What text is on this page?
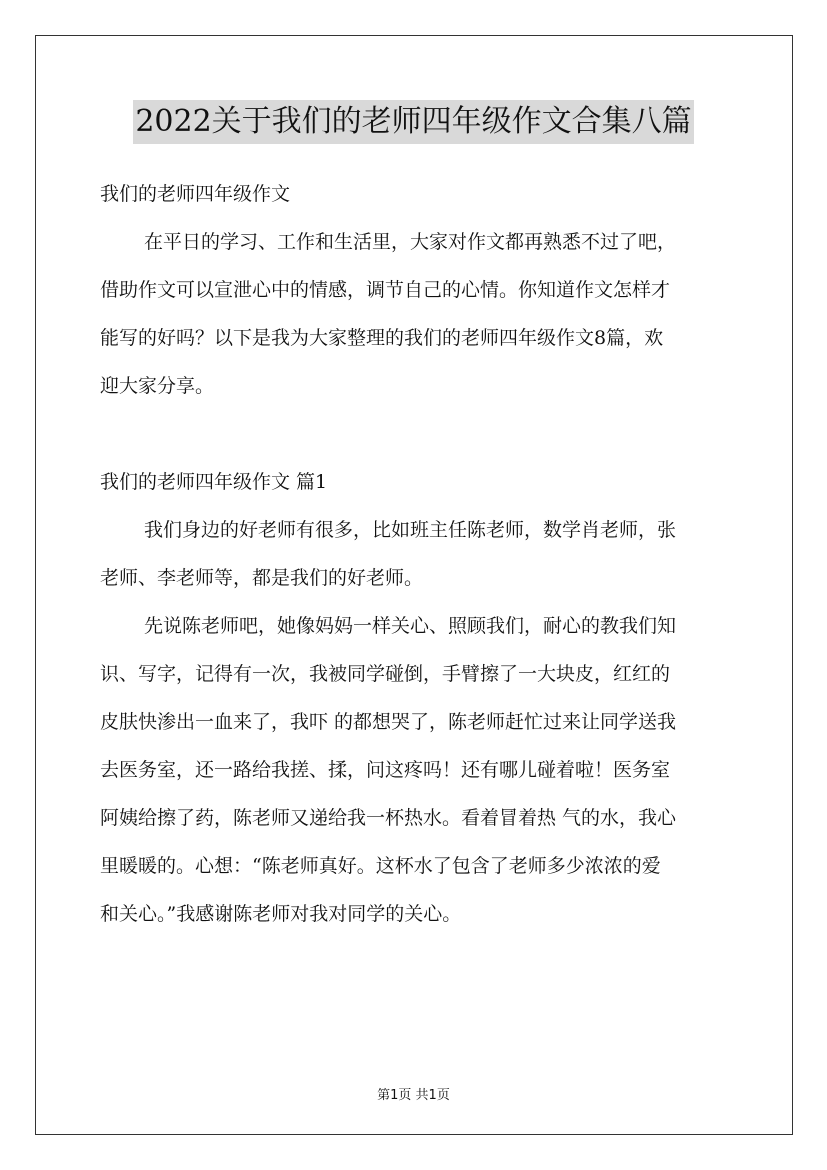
2022关于我们的老师四年级作文合集八篇
我们的老师四年级作文
在平日的学习、工作和生活里，大家对作文都再熟悉不过了吧，
借助作文可以宣泄心中的情感，调节自己的心情。你知道作文怎样才
能写的好吗？以下是我为大家整理的我们的老师四年级作文8篇，欢
迎大家分享。
我们的老师四年级作文 篇1
我们身边的好老师有很多，比如班主任陈老师，数学肖老师，张
老师、李老师等，都是我们的好老师。
先说陈老师吧，她像妈妈一样关心、照顾我们，耐心的教我们知
识、写字，记得有一次，我被同学碰倒，手臂擦了一大块皮，红红的
皮肤快渗出一血来了，我吓 的都想哭了，陈老师赶忙过来让同学送我
去医务室，还一路给我搓、揉，问这疼吗！还有哪儿碰着啦！医务室
阿姨给擦了药，陈老师又递给我一杯热水。看着冒着热 气的水，我心
里暖暖的。心想：“陈老师真好。这杯水了包含了老师多少浓浓的爱
和关心。”我感谢陈老师对我对同学的关心。
第1页 共1页
